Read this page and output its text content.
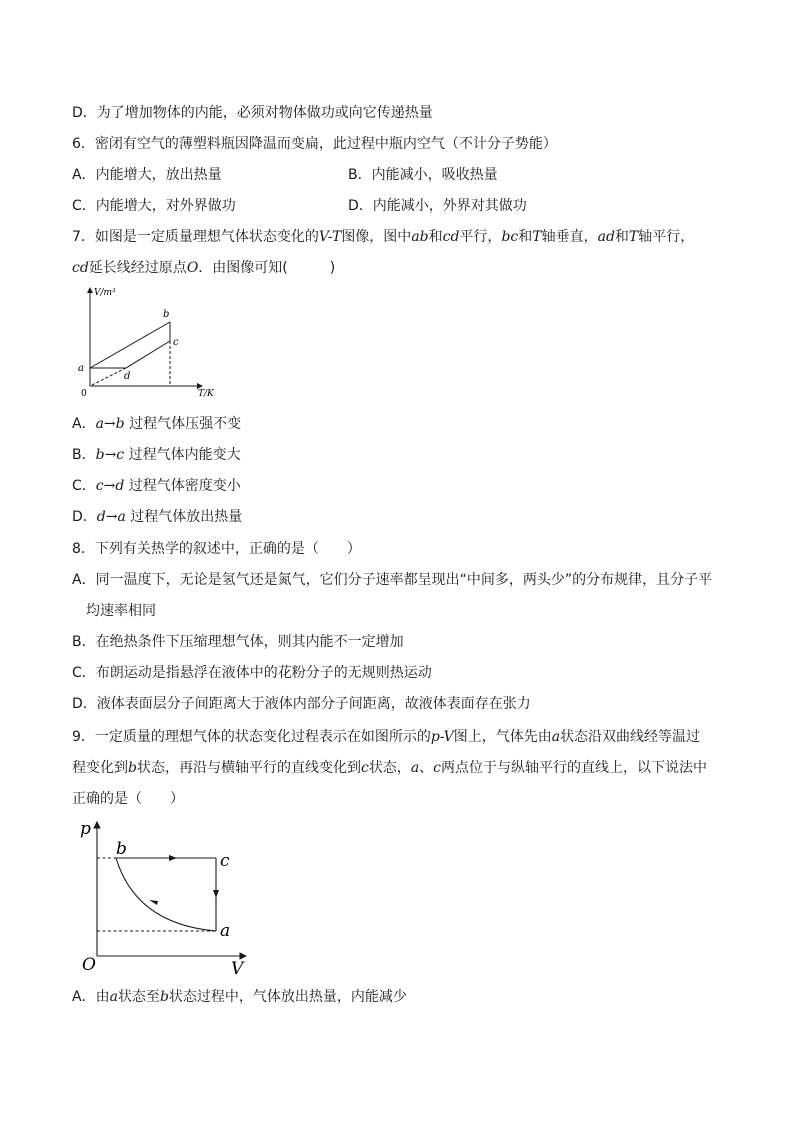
D．为了增加物体的内能，必须对物体做功或向它传递热量
6．密闭有空气的薄塑料瓶因降温而变扁，此过程中瓶内空气（不计分子势能）
A．内能增大，放出热量	B．内能减小，吸收热量
C．内能增大，对外界做功	D．内能减小，外界对其做功
7．如图是一定质量理想气体状态变化的V-T图像，图中ab和cd平行，bc和T轴垂直，ad和T轴平行，
cd延长线经过原点O．由图像可知(　　　)
V/m³
T/K
0
a
b
c
d
A．a→b 过程气体压强不变
B．b→c 过程气体内能变大
C．c→d 过程气体密度变小
D．d→a 过程气体放出热量
8．下列有关热学的叙述中，正确的是（　　）
A．同一温度下，无论是氢气还是氮气，它们分子速率都呈现出“中间多，两头少”的分布规律，且分子平
均速率相同
B．在绝热条件下压缩理想气体，则其内能不一定增加
C．布朗运动是指悬浮在液体中的花粉分子的无规则热运动
D．液体表面层分子间距离大于液体内部分子间距离，故液体表面存在张力
9．一定质量的理想气体的状态变化过程表示在如图所示的p-V图上，气体先由a状态沿双曲线经等温过
程变化到b状态，再沿与横轴平行的直线变化到c状态，a、c两点位于与纵轴平行的直线上，以下说法中
正确的是（　　）
p
V
O
b
c
a
A．由a状态至b状态过程中，气体放出热量，内能减少
